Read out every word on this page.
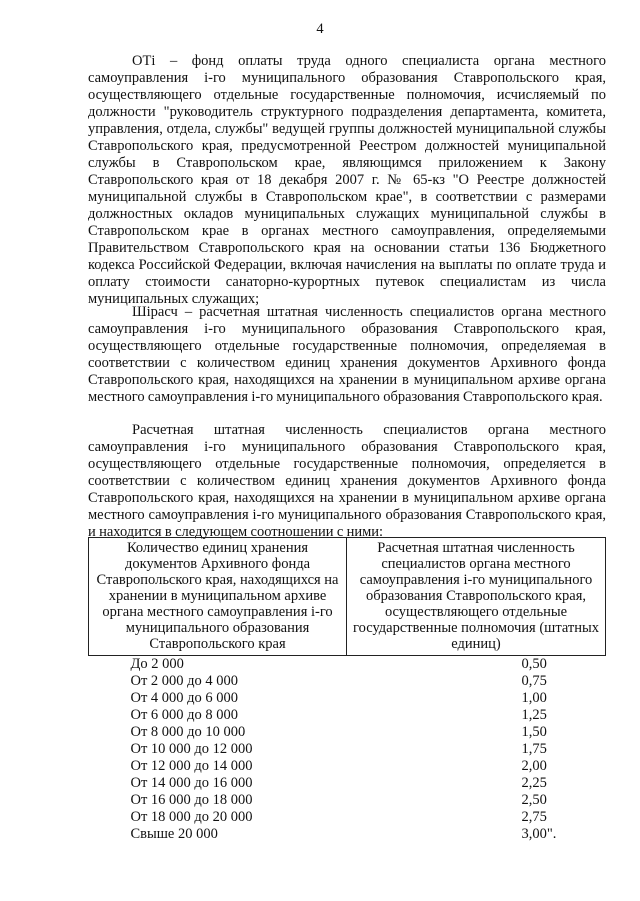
4

ОТi – фонд оплаты труда одного специалиста органа местного самоуправления i-го муниципального образования Ставропольского края, осуществляющего отдельные государственные полномочия, исчисляемый по должности "руководитель структурного подразделения департамента, комитета, управления, отдела, службы" ведущей группы должностей муниципальной службы Ставропольского края, предусмотренной Реестром должностей муниципальной службы в Ставропольском крае, являющимся приложением к Закону Ставропольского края от 18 декабря 2007 г. № 65-кз "О Реестре должностей муниципальной службы в Ставропольском крае", в соответствии с размерами должностных окладов муниципальных служащих муниципальной службы в Ставропольском крае в органах местного самоуправления, определяемыми Правительством Ставропольского края на основании статьи 136 Бюджетного кодекса Российской Федерации, включая начисления на выплаты по оплате труда и оплату стоимости санаторно-курортных путевок специалистам из числа муниципальных служащих;

Шiрасч – расчетная штатная численность специалистов органа местного самоуправления i-го муниципального образования Ставропольского края, осуществляющего отдельные государственные полномочия, определяемая в соответствии с количеством единиц хранения документов Архивного фонда Ставропольского края, находящихся на хранении в муниципальном архиве органа местного самоуправления i-го муниципального образования Ставропольского края.

Расчетная штатная численность специалистов органа местного самоуправления i-го муниципального образования Ставропольского края, осуществляющего отдельные государственные полномочия, определяется в соответствии с количеством единиц хранения документов Архивного фонда Ставропольского края, находящихся на хранении в муниципальном архиве органа местного самоуправления i-го муниципального образования Ставропольского края, и находится в следующем соотношении с ними:

Количество единиц хранения документов Архивного фонда Ставропольского края, находящихся на хранении в муниципальном архиве органа местного самоуправления i-го муниципального образования Ставропольского края	Расчетная штатная численность специалистов органа местного самоуправления i-го муниципального образования Ставропольского края, осуществляющего отдельные государственные полномочия (штатных единиц)
До 2 000	0,50
От 2 000 до 4 000	0,75
От 4 000 до 6 000	1,00
От 6 000 до 8 000	1,25
От 8 000 до 10 000	1,50
От 10 000 до 12 000	1,75
От 12 000 до 14 000	2,00
От 14 000 до 16 000	2,25
От 16 000 до 18 000	2,50
От 18 000 до 20 000	2,75
Свыше 20 000	3,00".
